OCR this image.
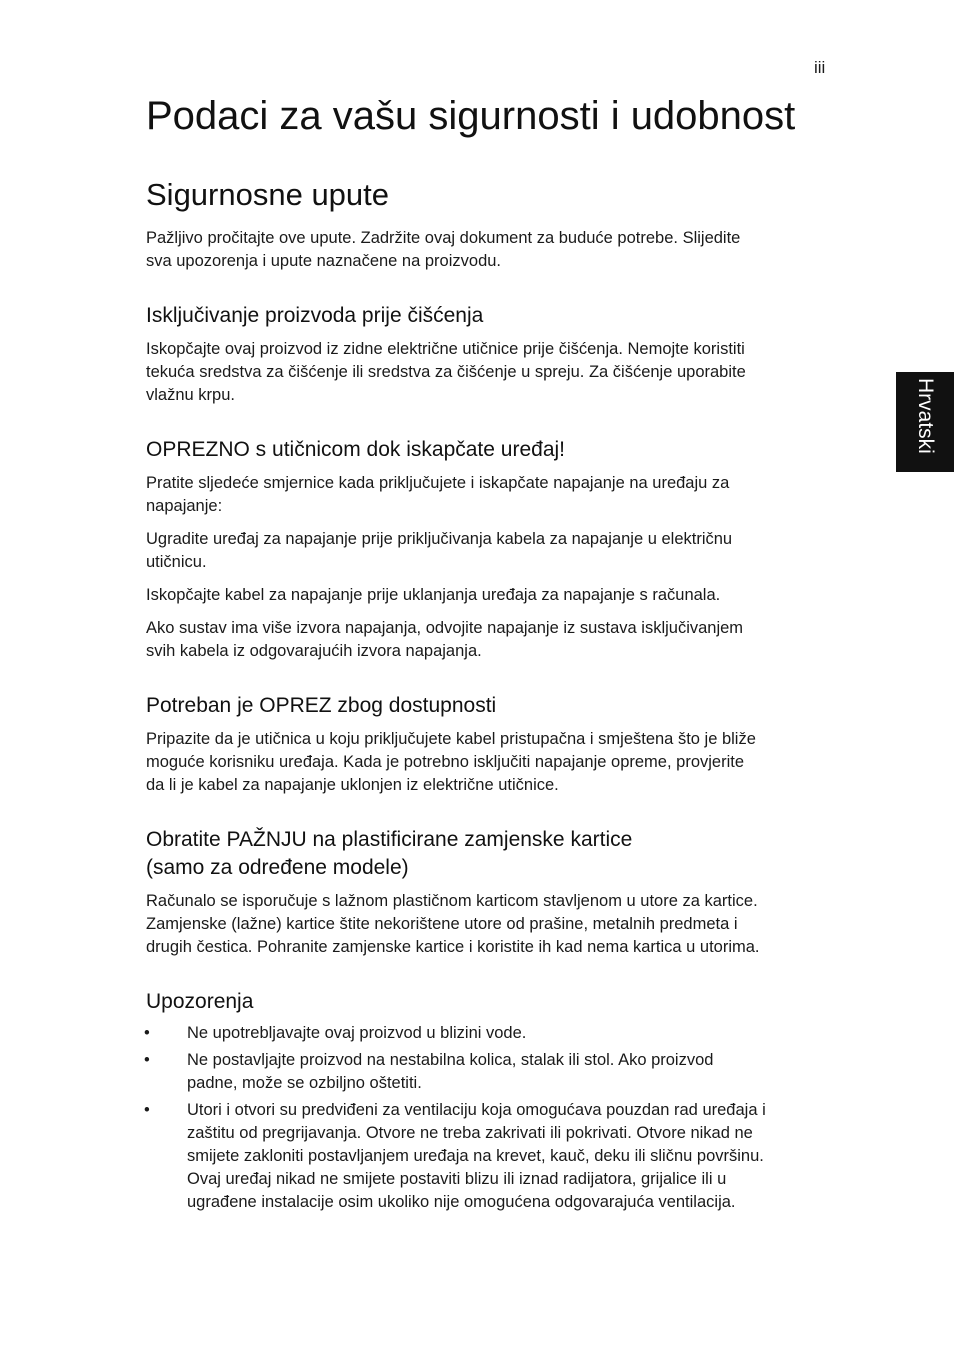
iii
Hrvatski
Podaci za vašu sigurnosti i udobnost
Sigurnosne upute

Pažljivo pročitajte ove upute. Zadržite ovaj dokument za buduće potrebe. Slijedite
sva upozorenja i upute naznačene na proizvodu.

Isključivanje proizvoda prije čišćenja

Iskopčajte ovaj proizvod iz zidne električne utičnice prije čišćenja. Nemojte koristiti
tekuća sredstva za čišćenje ili sredstva za čišćenje u spreju. Za čišćenje uporabite
vlažnu krpu.

OPREZNO s utičnicom dok iskapčate uređaj!

Pratite sljedeće smjernice kada priključujete i iskapčate napajanje na uređaju za
napajanje:

Ugradite uređaj za napajanje prije priključivanja kabela za napajanje u električnu
utičnicu.

Iskopčajte kabel za napajanje prije uklanjanja uređaja za napajanje s računala.

Ako sustav ima više izvora napajanja, odvojite napajanje iz sustava isključivanjem
svih kabela iz odgovarajućih izvora napajanja.

Potreban je OPREZ zbog dostupnosti

Pripazite da je utičnica u koju priključujete kabel pristupačna i smještena što je bliže
moguće korisniku uređaja. Kada je potrebno isključiti napajanje opreme, provjerite
da li je kabel za napajanje uklonjen iz električne utičnice.

Obratite PAŽNJU na plastificirane zamjenske kartice
(samo za određene modele)

Računalo se isporučuje s lažnom plastičnom karticom stavljenom u utore za kartice.
Zamjenske (lažne) kartice štite nekorištene utore od prašine, metalnih predmeta i
drugih čestica. Pohranite zamjenske kartice i koristite ih kad nema kartica u utorima.

Upozorenja
• Ne upotrebljavajte ovaj proizvod u blizini vode.
• Ne postavljajte proizvod na nestabilna kolica, stalak ili stol. Ako proizvod
padne, može se ozbiljno oštetiti.
• Utori i otvori su predviđeni za ventilaciju koja omogućava pouzdan rad uređaja i
zaštitu od pregrijavanja. Otvore ne treba zakrivati ili pokrivati. Otvore nikad ne
smijete zakloniti postavljanjem uređaja na krevet, kauč, deku ili sličnu površinu.
Ovaj uređaj nikad ne smijete postaviti blizu ili iznad radijatora, grijalice ili u
ugrađene instalacije osim ukoliko nije omogućena odgovarajuća ventilacija.
